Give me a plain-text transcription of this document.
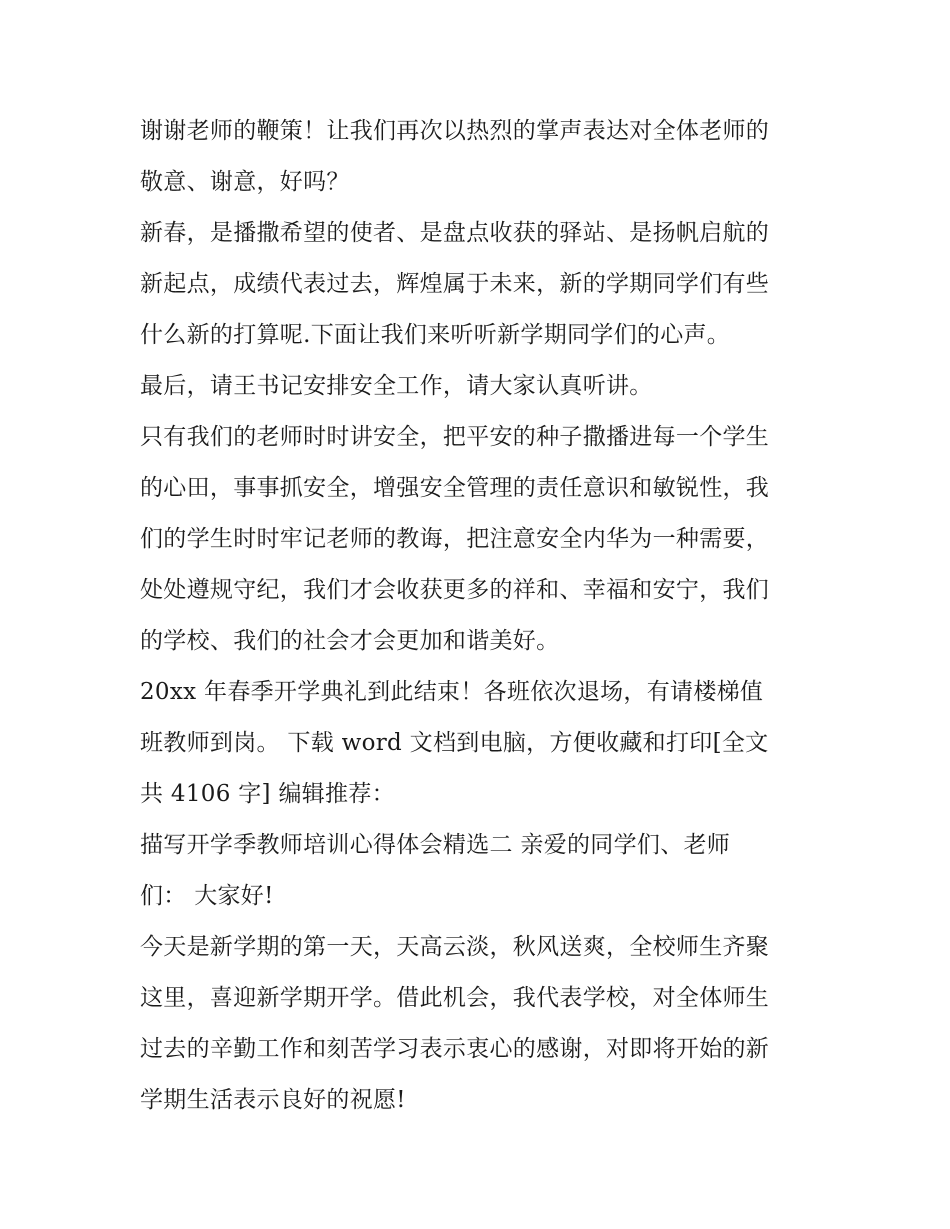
谢谢老师的鞭策！让我们再次以热烈的掌声表达对全体老师的
敬意、谢意，好吗？
新春，是播撒希望的使者、是盘点收获的驿站、是扬帆启航的
新起点，成绩代表过去，辉煌属于未来，新的学期同学们有些
什么新的打算呢.下面让我们来听听新学期同学们的心声。
最后，请王书记安排安全工作，请大家认真听讲。
只有我们的老师时时讲安全，把平安的种子撒播进每一个学生
的心田，事事抓安全，增强安全管理的责任意识和敏锐性，我
们的学生时时牢记老师的教诲，把注意安全内华为一种需要，
处处遵规守纪，我们才会收获更多的祥和、幸福和安宁，我们
的学校、我们的社会才会更加和谐美好。
20xx 年春季开学典礼到此结束！各班依次退场，有请楼梯值
班教师到岗。 下载 word 文档到电脑，方便收藏和打印[全文
共 4106 字] 编辑推荐：
描写开学季教师培训心得体会精选二 亲爱的同学们、老师
们： 大家好!
今天是新学期的第一天，天高云淡，秋风送爽，全校师生齐聚
这里，喜迎新学期开学。借此机会，我代表学校，对全体师生
过去的辛勤工作和刻苦学习表示衷心的感谢，对即将开始的新
学期生活表示良好的祝愿!
